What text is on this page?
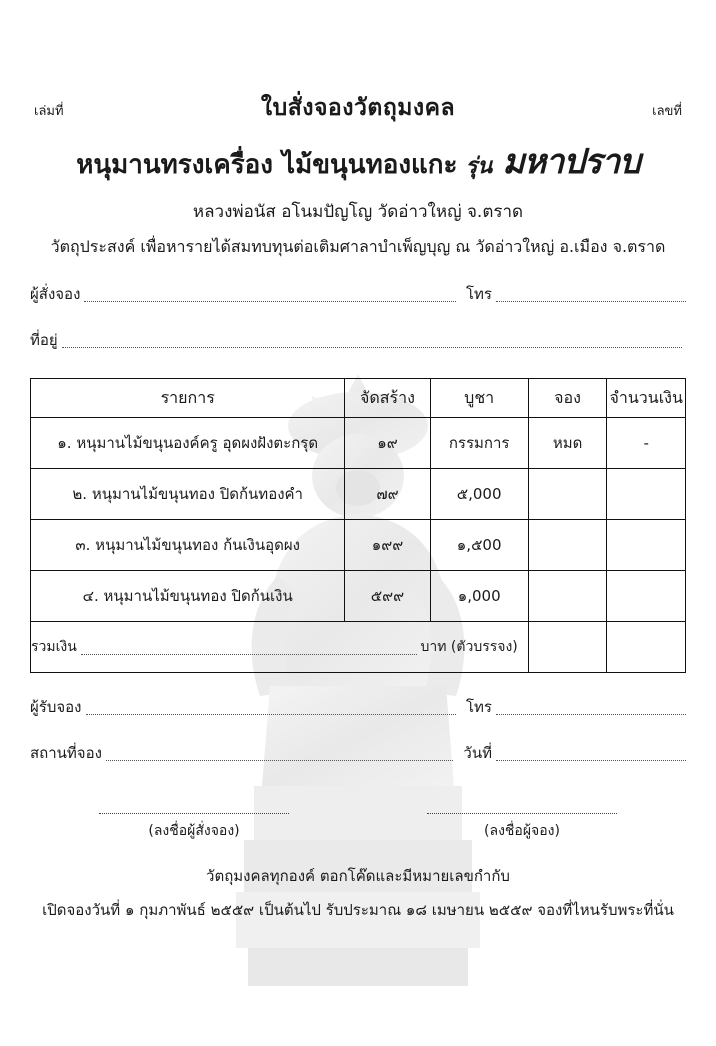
เล่มที่	ใบสั่งจองวัตถุมงคล	เลขที่
หนุมานทรงเครื่อง ไม้ขนุนทองแกะ รุ่น มหาปราบ
หลวงพ่อนัส อโนมปัญโญ วัดอ่าวใหญ่ จ.ตราด
วัตถุประสงค์ เพื่อหารายได้สมทบทุนต่อเติมศาลาบำเพ็ญบุญ ณ วัดอ่าวใหญ่ อ.เมือง จ.ตราด
ผู้สั่งจอง	โทร
ที่อยู่
รายการ	จัดสร้าง	บูชา	จอง	จำนวนเงิน
๑. หนุมานไม้ขนุนองค์ครู อุดผงฝังตะกรุด	๑๙	กรรมการ	หมด	-
๒. หนุมานไม้ขนุนทอง ปิดก้นทองคำ	๗๙	๕,000		
๓. หนุมานไม้ขนุนทอง ก้นเงินอุดผง	๑๙๙	๑,๕00		
๔. หนุมานไม้ขนุนทอง ปิดก้นเงิน	๕๙๙	๑,000		

รวมเงิน บาท (ตัวบรรจง)				

ผู้รับจอง	โทร
สถานที่จอง	วันที่
(ลงชื่อผู้สั่งจอง)	(ลงชื่อผู้จอง)
วัตถุมงคลทุกองค์ ตอกโค๊ดและมีหมายเลขกำกับ
เปิดจองวันที่ ๑ กุมภาพันธ์ ๒๕๕๙ เป็นต้นไป รับประมาณ ๑๘ เมษายน ๒๕๕๙ จองที่ไหนรับพระที่นั่น
